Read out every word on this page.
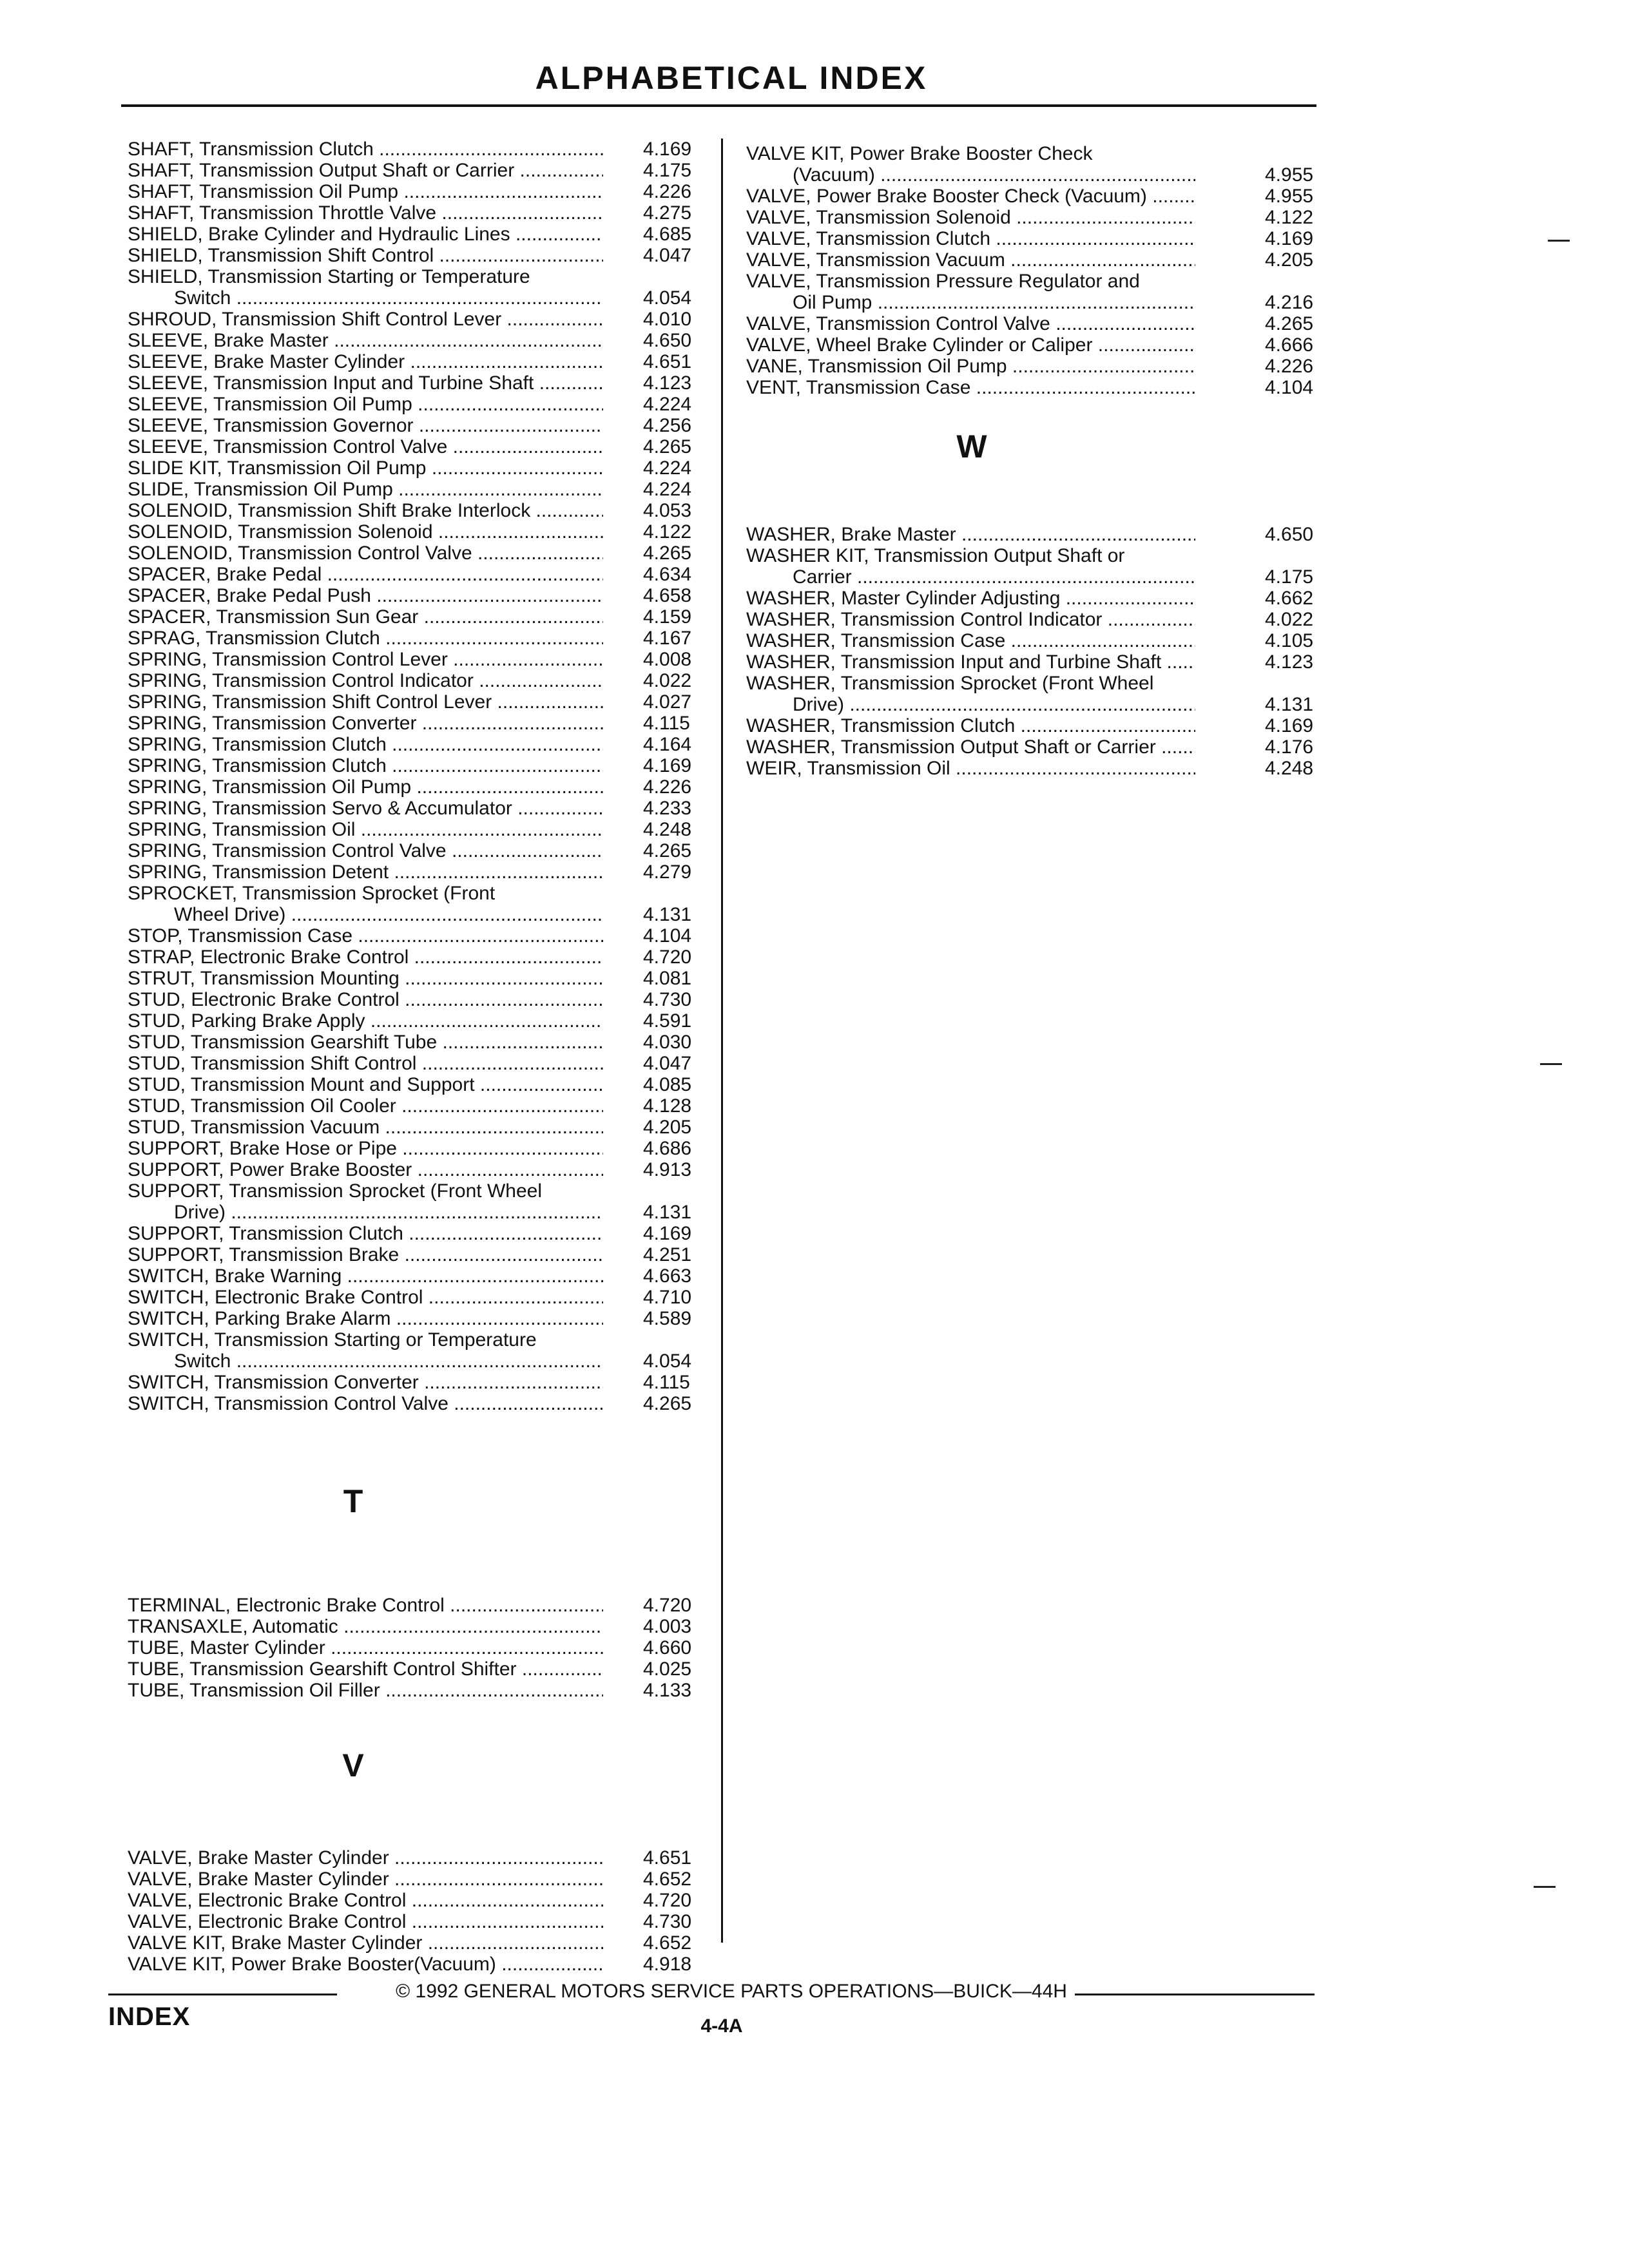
ALPHABETICAL INDEX
SHAFT, Transmission Clutch .....	4.169
SHAFT, Transmission Output Shaft or Carrier .....	4.175
SHAFT, Transmission Oil Pump .....	4.226
SHAFT, Transmission Throttle Valve .....	4.275
SHIELD, Brake Cylinder and Hydraulic Lines .....	4.685
SHIELD, Transmission Shift Control .....	4.047
SHIELD, Transmission Starting or Temperature
Switch .....	4.054
SHROUD, Transmission Shift Control Lever .....	4.010
SLEEVE, Brake Master .....	4.650
SLEEVE, Brake Master Cylinder .....	4.651
SLEEVE, Transmission Input and Turbine Shaft .....	4.123
SLEEVE, Transmission Oil Pump .....	4.224
SLEEVE, Transmission Governor .....	4.256
SLEEVE, Transmission Control Valve .....	4.265
SLIDE KIT, Transmission Oil Pump .....	4.224
SLIDE, Transmission Oil Pump .....	4.224
SOLENOID, Transmission Shift Brake Interlock .....	4.053
SOLENOID, Transmission Solenoid .....	4.122
SOLENOID, Transmission Control Valve .....	4.265
SPACER, Brake Pedal .....	4.634
SPACER, Brake Pedal Push .....	4.658
SPACER, Transmission Sun Gear .....	4.159
SPRAG, Transmission Clutch .....	4.167
SPRING, Transmission Control Lever .....	4.008
SPRING, Transmission Control Indicator .....	4.022
SPRING, Transmission Shift Control Lever .....	4.027
SPRING, Transmission Converter .....	4.115
SPRING, Transmission Clutch .....	4.164
SPRING, Transmission Clutch .....	4.169
SPRING, Transmission Oil Pump .....	4.226
SPRING, Transmission Servo & Accumulator .....	4.233
SPRING, Transmission Oil .....	4.248
SPRING, Transmission Control Valve .....	4.265
SPRING, Transmission Detent .....	4.279
SPROCKET, Transmission Sprocket (Front
Wheel Drive) .....	4.131
STOP, Transmission Case .....	4.104
STRAP, Electronic Brake Control .....	4.720
STRUT, Transmission Mounting .....	4.081
STUD, Electronic Brake Control .....	4.730
STUD, Parking Brake Apply .....	4.591
STUD, Transmission Gearshift Tube .....	4.030
STUD, Transmission Shift Control .....	4.047
STUD, Transmission Mount and Support .....	4.085
STUD, Transmission Oil Cooler .....	4.128
STUD, Transmission Vacuum .....	4.205
SUPPORT, Brake Hose or Pipe .....	4.686
SUPPORT, Power Brake Booster .....	4.913
SUPPORT, Transmission Sprocket (Front Wheel
Drive) .....	4.131
SUPPORT, Transmission Clutch .....	4.169
SUPPORT, Transmission Brake .....	4.251
SWITCH, Brake Warning .....	4.663
SWITCH, Electronic Brake Control .....	4.710
SWITCH, Parking Brake Alarm .....	4.589
SWITCH, Transmission Starting or Temperature
Switch .....	4.054
SWITCH, Transmission Converter .....	4.115
SWITCH, Transmission Control Valve .....	4.265
T
TERMINAL, Electronic Brake Control .....	4.720
TRANSAXLE, Automatic .....	4.003
TUBE, Master Cylinder .....	4.660
TUBE, Transmission Gearshift Control Shifter .....	4.025
TUBE, Transmission Oil Filler .....	4.133
V
VALVE, Brake Master Cylinder .....	4.651
VALVE, Brake Master Cylinder .....	4.652
VALVE, Electronic Brake Control .....	4.720
VALVE, Electronic Brake Control .....	4.730
VALVE KIT, Brake Master Cylinder .....	4.652
VALVE KIT, Power Brake Booster(Vacuum) .....	4.918
VALVE KIT, Power Brake Booster Check
(Vacuum) .....	4.955
VALVE, Power Brake Booster Check (Vacuum) .....	4.955
VALVE, Transmission Solenoid .....	4.122
VALVE, Transmission Clutch .....	4.169
VALVE, Transmission Vacuum .....	4.205
VALVE, Transmission Pressure Regulator and
Oil Pump .....	4.216
VALVE, Transmission Control Valve .....	4.265
VALVE, Wheel Brake Cylinder or Caliper .....	4.666
VANE, Transmission Oil Pump .....	4.226
VENT, Transmission Case .....	4.104
W
WASHER, Brake Master .....	4.650
WASHER KIT, Transmission Output Shaft or
Carrier .....	4.175
WASHER, Master Cylinder Adjusting .....	4.662
WASHER, Transmission Control Indicator .....	4.022
WASHER, Transmission Case .....	4.105
WASHER, Transmission Input and Turbine Shaft .....	4.123
WASHER, Transmission Sprocket (Front Wheel
Drive) .....	4.131
WASHER, Transmission Clutch .....	4.169
WASHER, Transmission Output Shaft or Carrier .....	4.176
WEIR, Transmission Oil .....	4.248
© 1992 GENERAL MOTORS SERVICE PARTS OPERATIONS—BUICK—44H
INDEX	4-4A
